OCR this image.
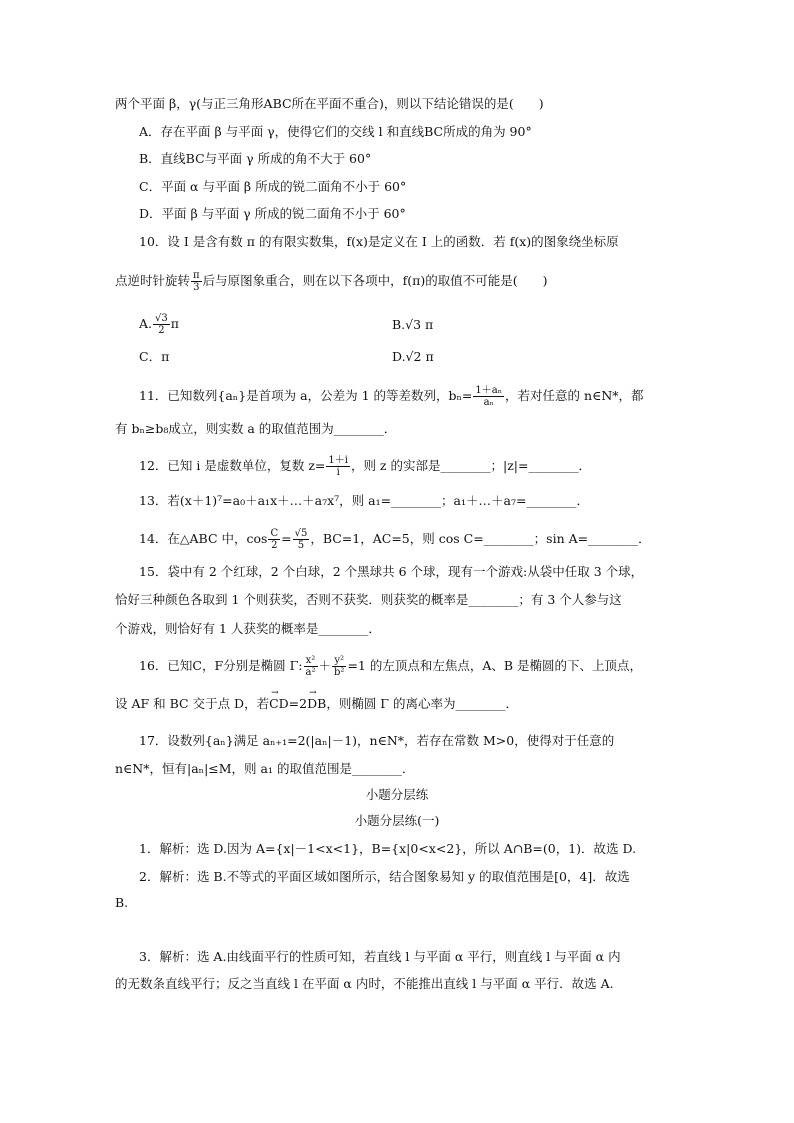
两个平面 β，γ(与正三角形ABC所在平面不重合)，则以下结论错误的是(　　)
A．存在平面 β 与平面 γ，使得它们的交线 l 和直线BC所成的角为 90°
B．直线BC与平面 γ 所成的角不大于 60°
C．平面 α 与平面 β 所成的锐二面角不小于 60°
D．平面 β 与平面 γ 所成的锐二面角不小于 60°
10．设 I 是含有数 π 的有限实数集，f(x)是定义在 I 上的函数．若 f(x)的图象绕坐标原
点逆时针旋转 $\frac{\pi}{3}$ 后与原图象重合，则在以下各项中，f(π)的取值不可能是(　　)
A. $\frac{√3}{2}$ π	B.√3 π
C．π	D.√2 π
11．已知数列{aₙ}是首项为 a，公差为 1 的等差数列，$b_n= \frac{\text{1＋aₙ}}{\text{aₙ}}$ ，若对任意的 n∈N*，都
有 bₙ≥b₈成立，则实数 a 的取值范围为________．
12．已知 i 是虚数单位，复数 $z= \frac{1+i}{i}$ ，则 z 的实部是________；|z|=________．
13．若(x＋1)⁷=a₀＋a₁x＋…＋a₇x⁷，则 a₁=________；a₁＋…＋a₇=________．
14．在△ABC 中，$\cos \frac{C}{2} = \frac{√5}{5}$ ，BC=1，AC=5，则 cos C=________；sin A=________．
15．袋中有 2 个红球，2 个白球，2 个黑球共 6 个球，现有一个游戏:从袋中任取 3 个球，
恰好三种颜色各取到 1 个则获奖，否则不获奖．则获奖的概率是________；有 3 个人参与这
个游戏，则恰好有 1 人获奖的概率是________．
16．已知C，F分别是椭圆 Γ: $\frac{\text{x²}}{\text{a²}} + \frac{\text{y²}}{\text{b²}} =1$ 的左顶点和左焦点，A、B 是椭圆的下、上顶点，
设 AF 和 BC 交于点 D，若→ CD=2→ DB，则椭圆 Γ 的离心率为________．
17．设数列{aₙ}满足 aₙ₊₁=2(|aₙ|－1)，n∈N*，若存在常数 M>0，使得对于任意的
n∈N*，恒有|aₙ|≤M，则 a₁ 的取值范围是________．
小题分层练
小题分层练(一)
1．解析：选 D.因为 A={x|－1<x<1}，B={x|0<x<2}，所以 A∩B=(0，1)．故选 D.
2．解析：选 B.不等式的平面区域如图所示，结合图象易知 y 的取值范围是[0，4]．故选
B.
3．解析：选 A.由线面平行的性质可知，若直线 l 与平面 α 平行，则直线 l 与平面 α 内
的无数条直线平行；反之当直线 l 在平面 α 内时，不能推出直线 l 与平面 α 平行．故选 A.
